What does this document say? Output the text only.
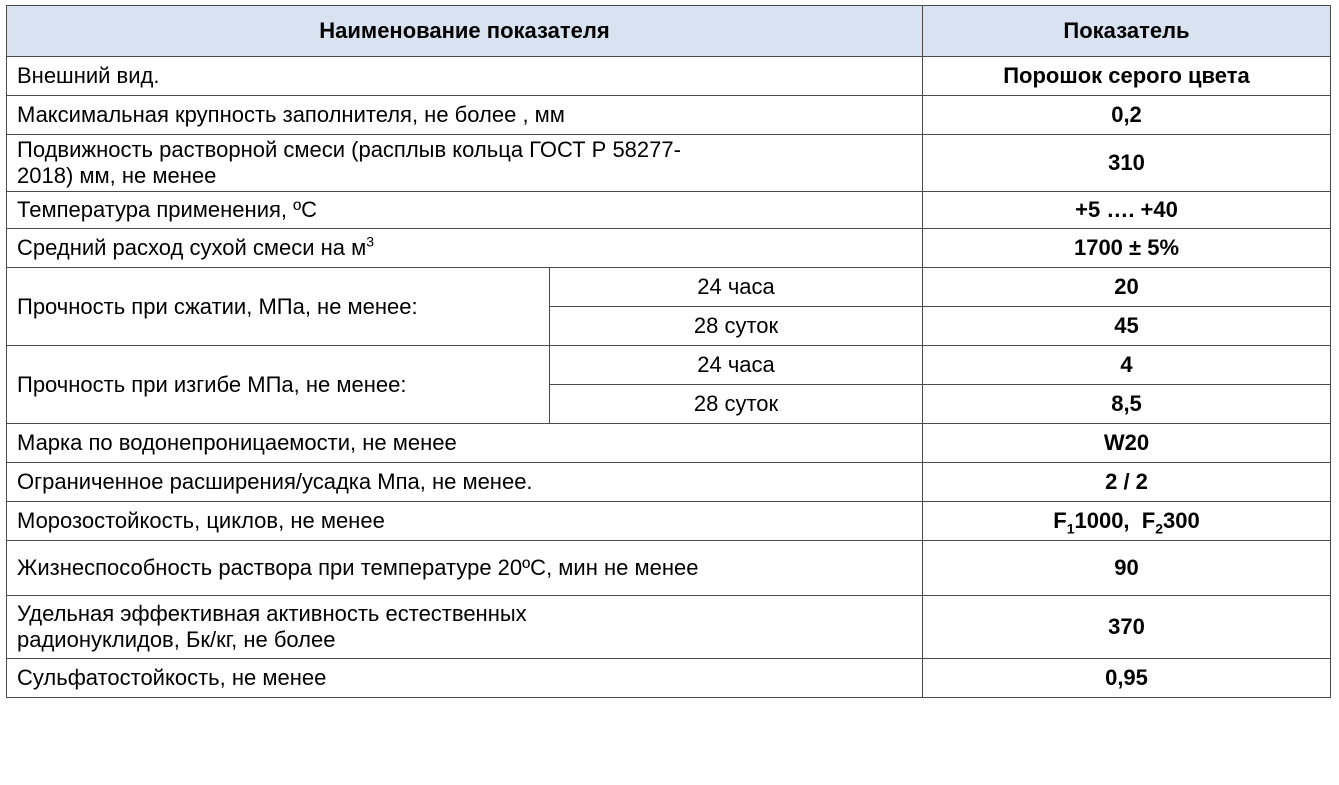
Наименование показателя		Показатель
Внешний вид.		Порошок серого цвета
Максимальная крупность заполнителя, не более , мм		0,2
Подвижность растворной смеси (расплыв кольца ГОСТ Р 58277-
2018) мм, не менее		310
Температура применения, ºС		+5 …. +40
Средний расход сухой смеси на $м^3$		1700 ± 5%
Прочность при сжатии, МПа, не менее:	24 часа	20
	28 суток	45
Прочность при изгибе МПа, не менее:	24 часа	4
	28 суток	8,5
Марка по водонепроницаемости, не менее		W20
Ограниченное расширения/усадка Мпа, не менее.		2 / 2
Морозостойкость, циклов, не менее		$F_11000$, $F_2300$
Жизнеспособность раствора при температуре 20ºС, мин не менее		90
Удельная эффективная активность естественных
радионуклидов, Бк/кг, не более		370
Сульфатостойкость, не менее		0,95
